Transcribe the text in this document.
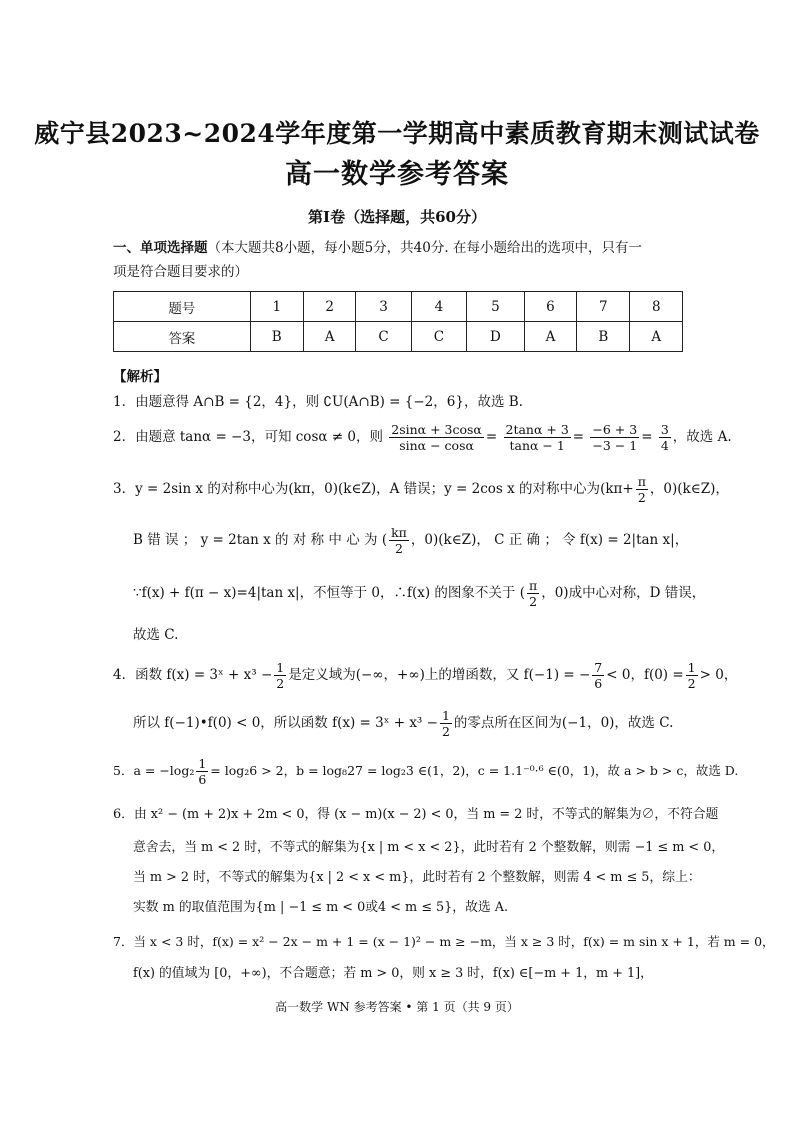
威宁县2023~2024学年度第一学期高中素质教育期末测试试卷
高一数学参考答案
第Ⅰ卷（选择题，共60分）
一、单项选择题（本大题共8小题，每小题5分，共40分. 在每小题给出的选项中，只有一
项是符合题目要求的）
题号	1	2	3	4	5	6	7	8
答案	B	A	C	C	D	A	B	A
【解析】
1．由题意得 A∩B = {2，4}，则 ∁U(A∩B) = {−2，6}，故选 B.
2．由题意 tanα = −3，可知 cosα ≠ 0，则 $\frac{2\sin\alpha + 3\cos\alpha}{\sin\alpha - \cos\alpha} = \frac{2\tan\alpha + 3}{\tan\alpha - 1} = \frac{-6 + 3}{-3 - 1} = \frac{3}{4}$ ，故选 A.
3．y = 2sin x 的对称中心为(kπ，0)(k∈Z)，A 错误；y = 2cos x 的对称中心为($k\pi+ \frac{\pi}{2}$ ，0)(k∈Z)，
B 错 误 ； y = 2tan x 的 对 称 中 心 为 ( $\frac{k\pi}{2}$ ，0)(k∈Z)， C 正 确 ； 令 f(x) = 2|tan x|，
∵f(x) + f(π − x)=4|tan x|，不恒等于 0，∴f(x) 的图象不关于 ( $\frac{\pi}{2}$ ，0)成中心对称，D 错误，
故选 C.
4．函数 f(x) = 3ˣ + $x^3 - \frac{1}{2}$ 是定义域为(−∞，+∞)上的增函数，又 f(−1) = − $\frac{7}{6} < 0$，$f(0) = \frac{1}{2} > 0$，
所以 f(−1)•f(0) < 0，所以函数 f(x) = 3ˣ + $x^3 - \frac{1}{2}$ 的零点所在区间为(−1，0)，故选 C.
5．$a = -\log_2 \frac{1}{6} = \log_26 > 2$，b = log₈27 = log₂3 ∈(1，2)，c = 1.1⁻⁰·⁶ ∈(0，1)，故 a > b > c，故选 D.
6．由 x² − (m + 2)x + 2m < 0，得 (x − m)(x − 2) < 0，当 m = 2 时，不等式的解集为∅，不符合题
意舍去，当 m < 2 时，不等式的解集为{x | m < x < 2}，此时若有 2 个整数解，则需 −1 ≤ m < 0，
当 m > 2 时，不等式的解集为{x | 2 < x < m}，此时若有 2 个整数解，则需 4 < m ≤ 5，综上：
实数 m 的取值范围为{m | −1 ≤ m < 0或4 < m ≤ 5}，故选 A.
7．当 x < 3 时，f(x) = x² − 2x − m + 1 = (x − 1)² − m ≥ −m，当 x ≥ 3 时，f(x) = m sin x + 1，若 m = 0，
f(x) 的值域为 [0，+∞)，不合题意；若 m > 0，则 x ≥ 3 时，f(x) ∈[−m + 1，m + 1]，
高一数学 WN 参考答案 • 第 1 页（共 9 页）
